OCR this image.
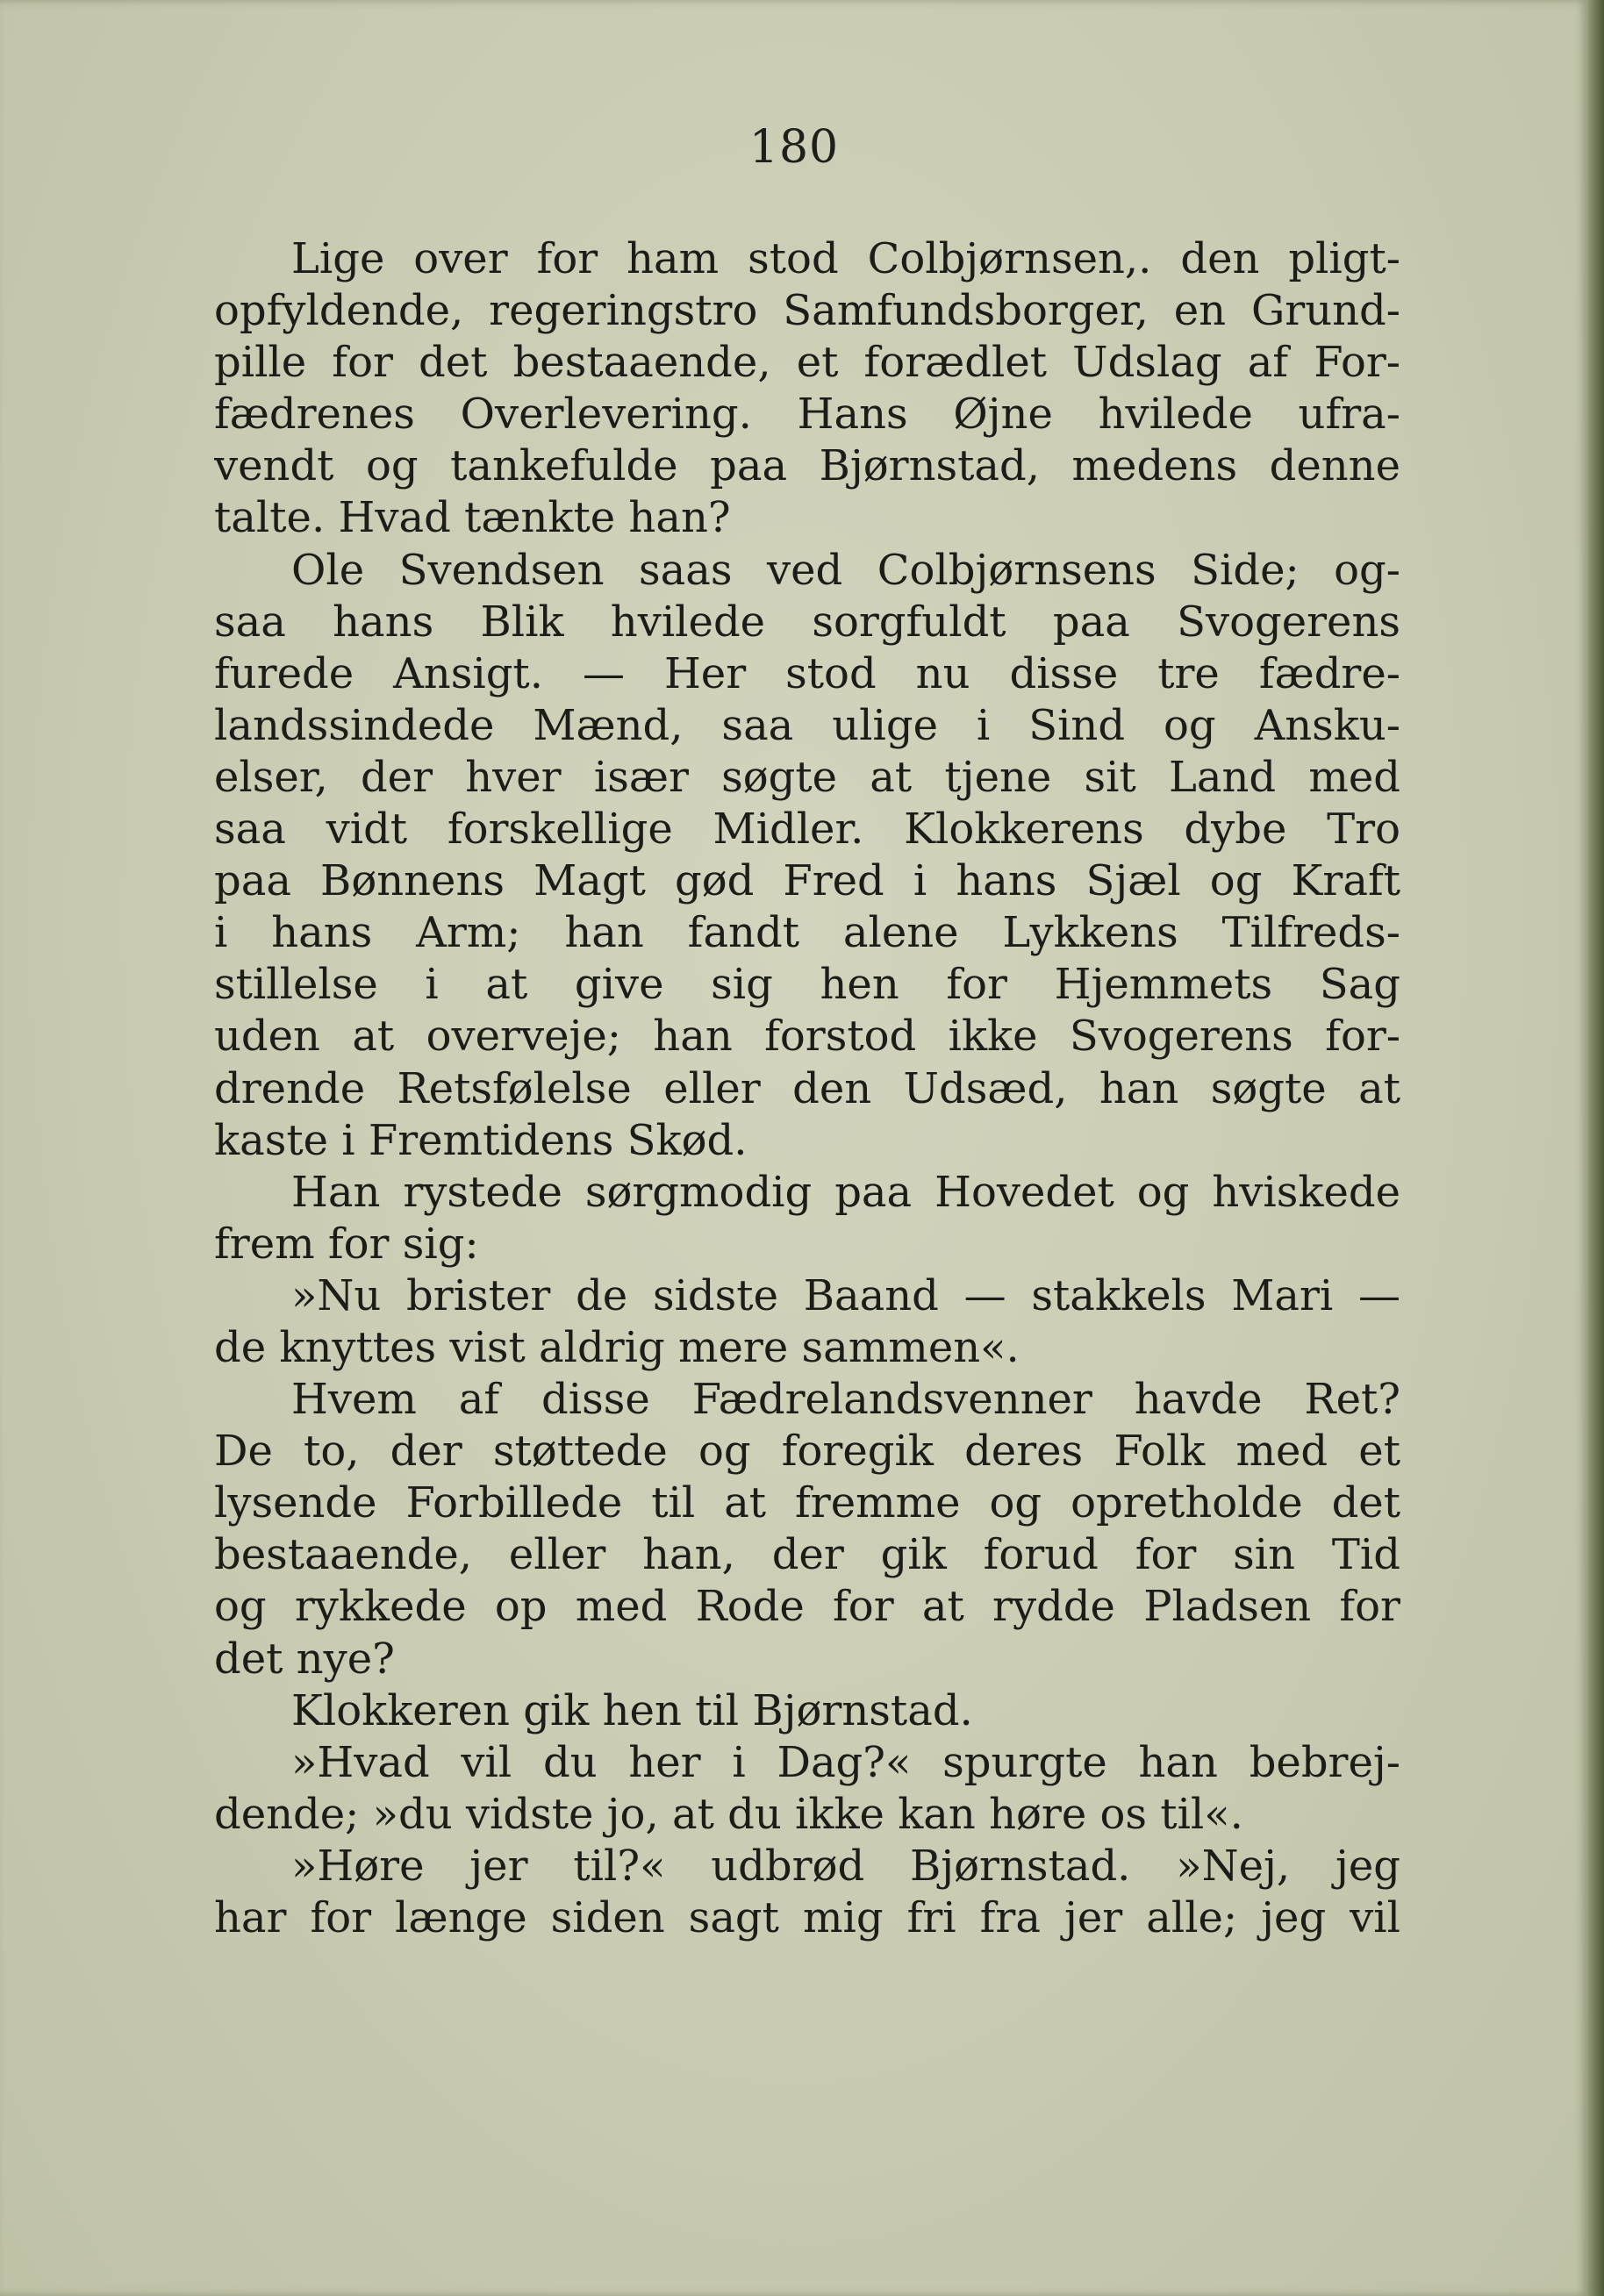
180
Lige over for ham stod Colbjørnsen,. den pligt-
opfyldende, regeringstro Samfundsborger, en Grund-
pille for det bestaaende, et forædlet Udslag af For-
fædrenes Overlevering. Hans Øjne hvilede ufra-
vendt og tankefulde paa Bjørnstad, medens denne
talte. Hvad tænkte han?
Ole Svendsen saas ved Colbjørnsens Side; og-
saa hans Blik hvilede sorgfuldt paa Svogerens
furede Ansigt. — Her stod nu disse tre fædre-
landssindede Mænd, saa ulige i Sind og Ansku-
elser, der hver især søgte at tjene sit Land med
saa vidt forskellige Midler. Klokkerens dybe Tro
paa Bønnens Magt gød Fred i hans Sjæl og Kraft
i hans Arm; han fandt alene Lykkens Tilfreds-
stillelse i at give sig hen for Hjemmets Sag
uden at overveje; han forstod ikke Svogerens for-
drende Retsfølelse eller den Udsæd, han søgte at
kaste i Fremtidens Skød.
Han rystede sørgmodig paa Hovedet og hviskede
frem for sig:
»Nu brister de sidste Baand — stakkels Mari —
de knyttes vist aldrig mere sammen«.
Hvem af disse Fædrelandsvenner havde Ret?
De to, der støttede og foregik deres Folk med et
lysende Forbillede til at fremme og opretholde det
bestaaende, eller han, der gik forud for sin Tid
og rykkede op med Rode for at rydde Pladsen for
det nye?
Klokkeren gik hen til Bjørnstad.
»Hvad vil du her i Dag?« spurgte han bebrej-
dende; »du vidste jo, at du ikke kan høre os til«.
»Høre jer til?« udbrød Bjørnstad. »Nej, jeg
har for længe siden sagt mig fri fra jer alle; jeg vil
